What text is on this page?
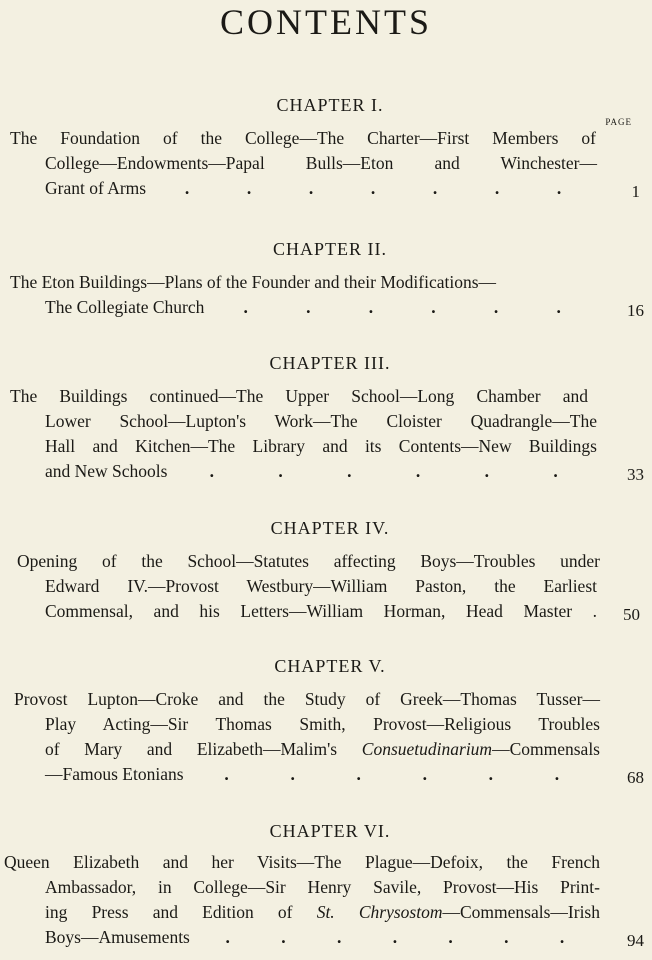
CONTENTS
PAGE
CHAPTER I.
The Foundation of the College—The Charter—First Members of
College—Endowments—Papal Bulls—Eton and Winchester—
Grant of Arms .	.	.	.	.	.	.	1
CHAPTER II.
The Eton Buildings—Plans of the Founder and their Modifications—
The Collegiate Church .	.	.	.	.	.	16
CHAPTER III.
The Buildings continued—The Upper School—Long Chamber and
Lower School—Lupton's Work—The Cloister Quadrangle—The
Hall and Kitchen—The Library and its Contents—New Buildings
and New Schools .	.	.	.	.	.	33
CHAPTER IV.
Opening of the School—Statutes affecting Boys—Troubles under
Edward IV.—Provost Westbury—William Paston, the Earliest
Commensal, and his Letters—William Horman, Head Master . 50
CHAPTER V.
Provost Lupton—Croke and the Study of Greek—Thomas Tusser—
Play Acting—Sir Thomas Smith, Provost—Religious Troubles
of Mary and Elizabeth—Malim's Consuetudinarium—Commensals
—Famous Etonians .	.	.	.	.	.	68
CHAPTER VI.
Queen Elizabeth and her Visits—The Plague—Defoix, the French
Ambassador, in College—Sir Henry Savile, Provost—His Print-
ing Press and Edition of St. Chrysostom—Commensals—Irish
Boys—Amusements .	.	.	.	.	.	.	94
